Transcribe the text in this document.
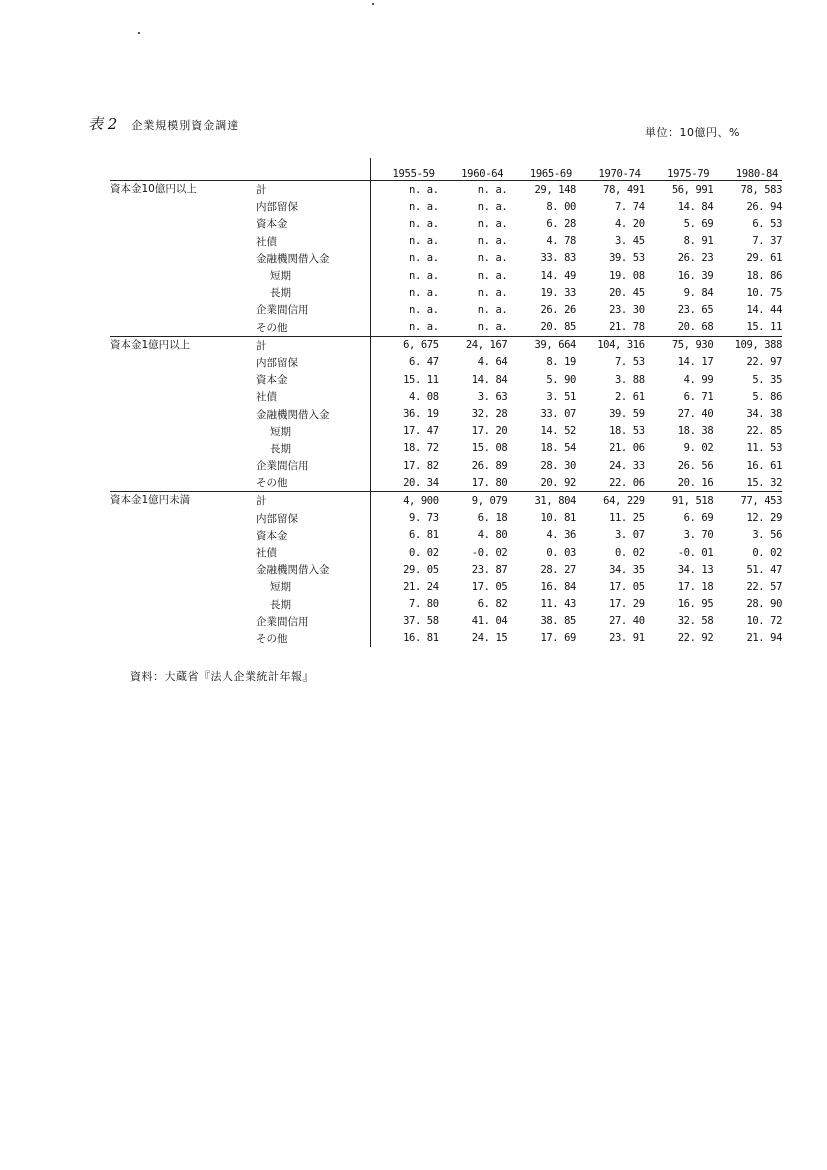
表 2 企業規模別資金調達
単位：10億円、%
		1955-59	1960-64	1965-69	1970-74	1975-79	1980-84
資本金10億円以上	計	n. a.	n. a.	29, 148	78, 491	56, 991	78, 583
	内部留保	n. a.	n. a.	8. 00	7. 74	14. 84	26. 94
	資本金	n. a.	n. a.	6. 28	4. 20	5. 69	6. 53
	社債	n. a.	n. a.	4. 78	3. 45	8. 91	7. 37
	金融機関借入金	n. a.	n. a.	33. 83	39. 53	26. 23	29. 61
	短期	n. a.	n. a.	14. 49	19. 08	16. 39	18. 86
	長期	n. a.	n. a.	19. 33	20. 45	9. 84	10. 75
	企業間信用	n. a.	n. a.	26. 26	23. 30	23. 65	14. 44
	その他	n. a.	n. a.	20. 85	21. 78	20. 68	15. 11
資本金1億円以上	計	6, 675	24, 167	39, 664	104, 316	75, 930	109, 388
	内部留保	6. 47	4. 64	8. 19	7. 53	14. 17	22. 97
	資本金	15. 11	14. 84	5. 90	3. 88	4. 99	5. 35
	社債	4. 08	3. 63	3. 51	2. 61	6. 71	5. 86
	金融機関借入金	36. 19	32. 28	33. 07	39. 59	27. 40	34. 38
	短期	17. 47	17. 20	14. 52	18. 53	18. 38	22. 85
	長期	18. 72	15. 08	18. 54	21. 06	9. 02	11. 53
	企業間信用	17. 82	26. 89	28. 30	24. 33	26. 56	16. 61
	その他	20. 34	17. 80	20. 92	22. 06	20. 16	15. 32
資本金1億円未満	計	4, 900	9, 079	31, 804	64, 229	91, 518	77, 453
	内部留保	9. 73	6. 18	10. 81	11. 25	6. 69	12. 29
	資本金	6. 81	4. 80	4. 36	3. 07	3. 70	3. 56
	社債	0. 02	-0. 02	0. 03	0. 02	-0. 01	0. 02
	金融機関借入金	29. 05	23. 87	28. 27	34. 35	34. 13	51. 47
	短期	21. 24	17. 05	16. 84	17. 05	17. 18	22. 57
	長期	7. 80	6. 82	11. 43	17. 29	16. 95	28. 90
	企業間信用	37. 58	41. 04	38. 85	27. 40	32. 58	10. 72
	その他	16. 81	24. 15	17. 69	23. 91	22. 92	21. 94
資料：大蔵省『法人企業統計年報』
